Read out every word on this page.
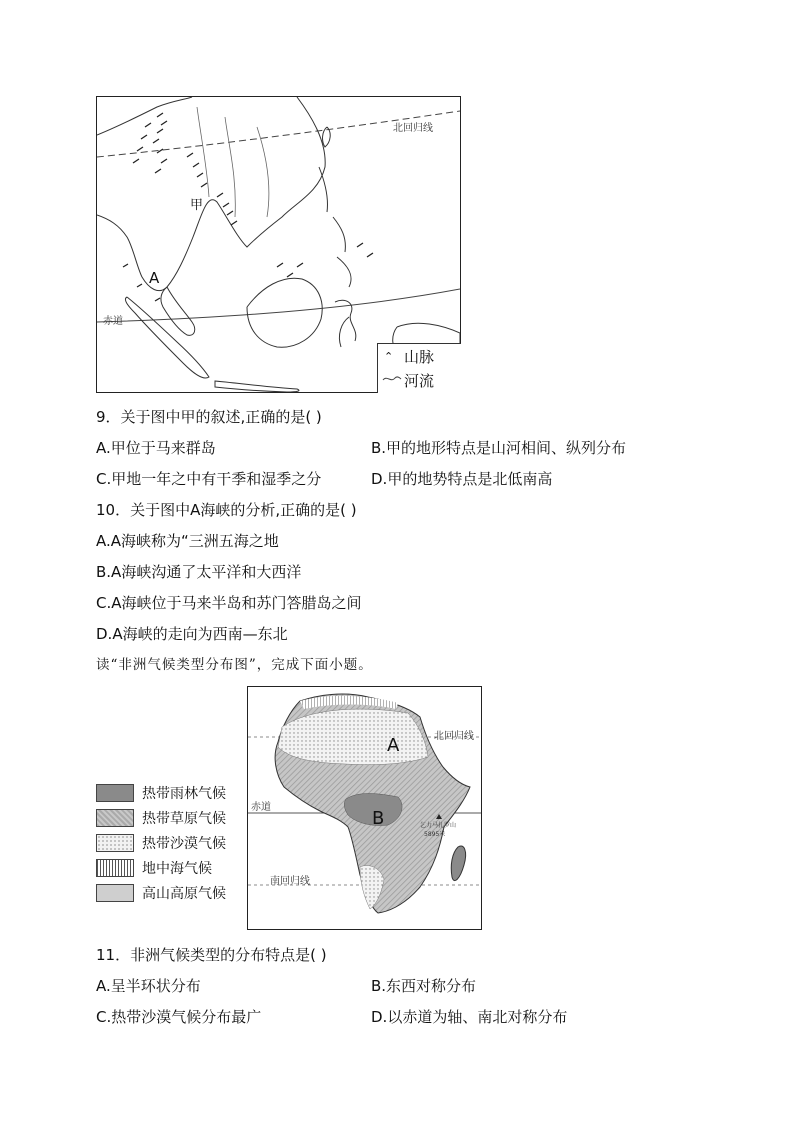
甲
A
北回归线
赤道
⌃ 山脉
河流
9．关于图中甲的叙述,正确的是( )
A.甲位于马来群岛	B.甲的地形特点是山河相间、纵列分布
C.甲地一年之中有干季和湿季之分	D.甲的地势特点是北低南高
10．关于图中A海峡的分析,正确的是( )
A.A海峡称为“三洲五海之地
B.A海峡沟通了太平洋和大西洋
C.A海峡位于马来半岛和苏门答腊岛之间
D.A海峡的走向为西南—东北
读“非洲气候类型分布图”，完成下面小题。
热带雨林气候
热带草原气候
热带沙漠气候
地中海气候
高山高原气候
A
B
北回归线
赤道
南回归线
乞力马扎罗山
5895米
11．非洲气候类型的分布特点是( )
A.呈半环状分布	B.东西对称分布
C.热带沙漠气候分布最广	D.以赤道为轴、南北对称分布
